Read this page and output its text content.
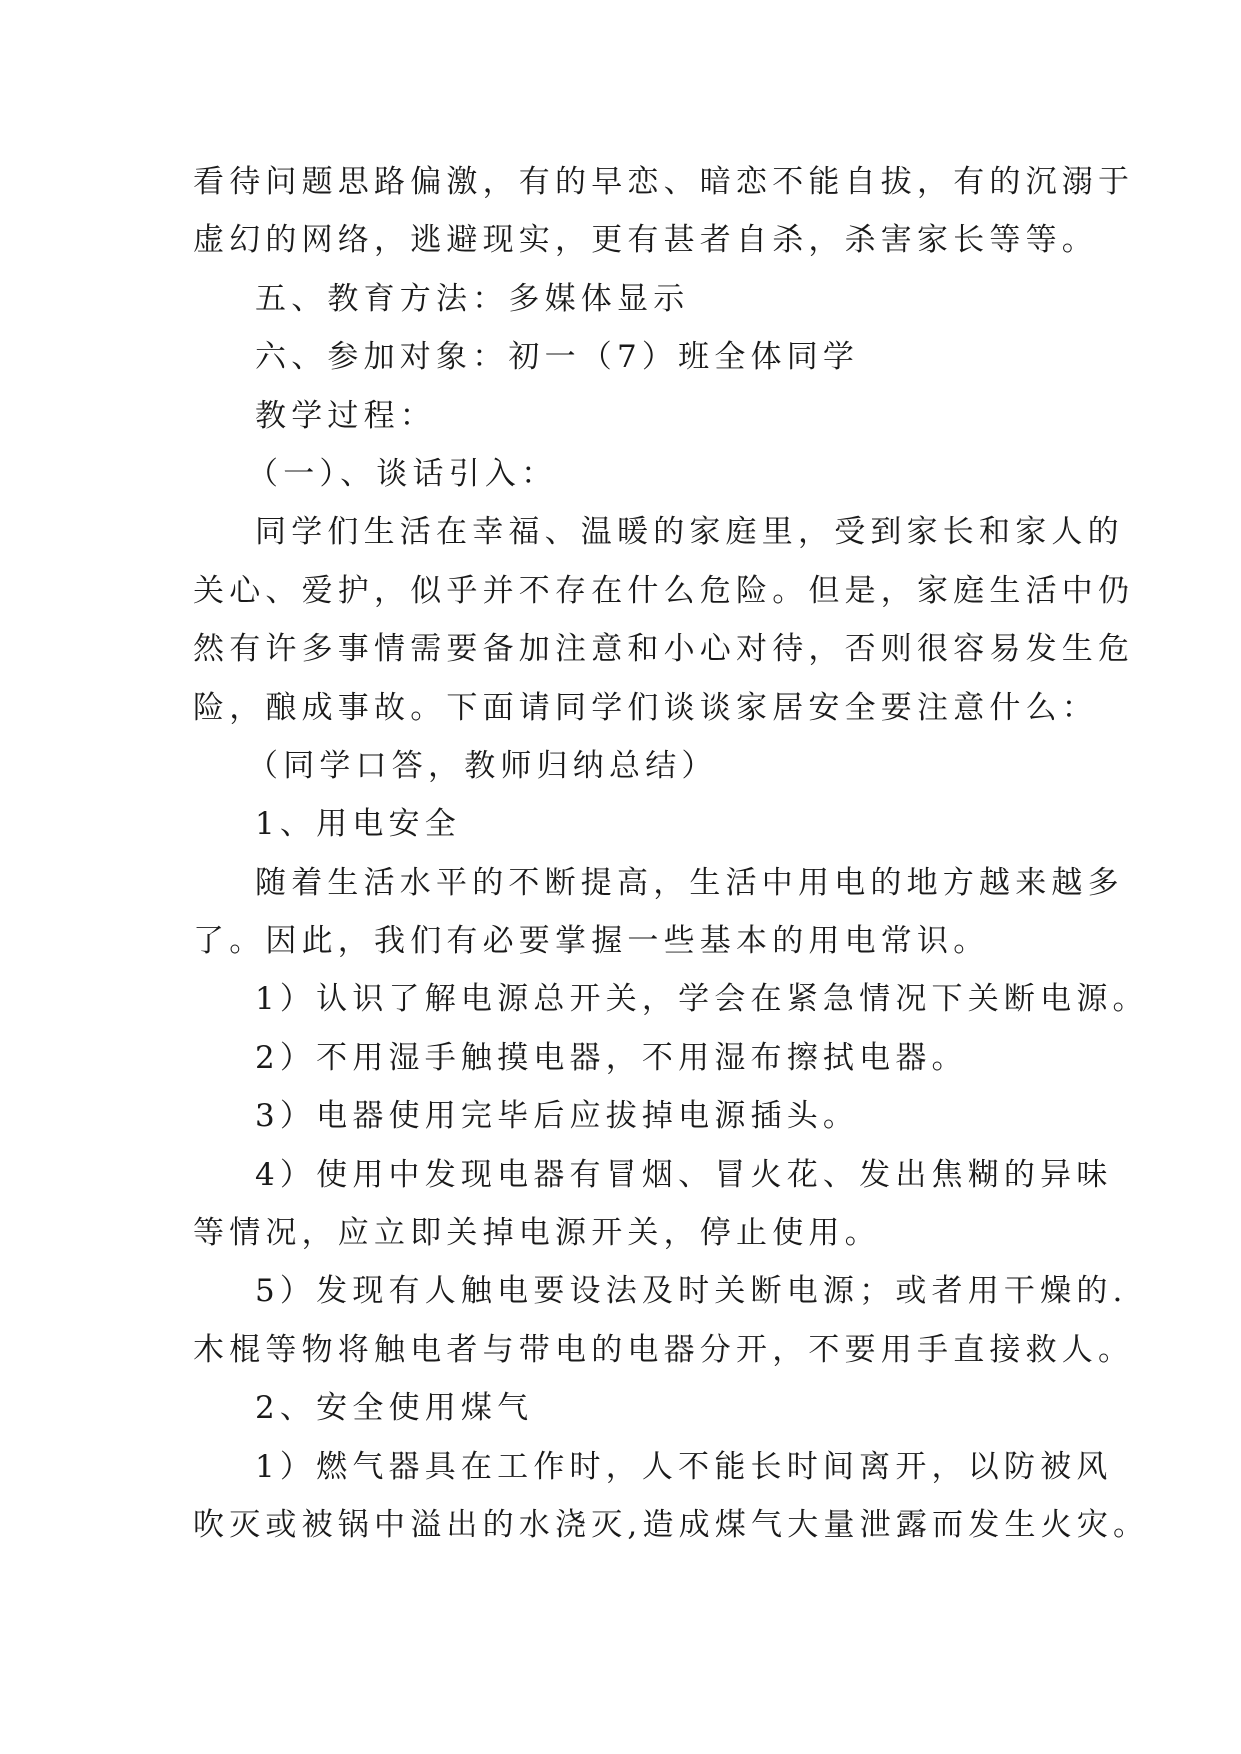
看待问题思路偏激，有的早恋、暗恋不能自拔，有的沉溺于
虚幻的网络，逃避现实，更有甚者自杀，杀害家长等等。
五、教育方法：多媒体显示
六、参加对象：初一（7）班全体同学
教学过程：
（一）、谈话引入：
同学们生活在幸福、温暖的家庭里，受到家长和家人的
关心、爱护，似乎并不存在什么危险。但是，家庭生活中仍
然有许多事情需要备加注意和小心对待，否则很容易发生危
险，酿成事故。下面请同学们谈谈家居安全要注意什么：
（同学口答，教师归纳总结）
1、用电安全
随着生活水平的不断提高，生活中用电的地方越来越多
了。因此，我们有必要掌握一些基本的用电常识。
1）认识了解电源总开关，学会在紧急情况下关断电源。
2）不用湿手触摸电器，不用湿布擦拭电器。
3）电器使用完毕后应拔掉电源插头。
4）使用中发现电器有冒烟、冒火花、发出焦糊的异味
等情况，应立即关掉电源开关，停止使用。
5）发现有人触电要设法及时关断电源；或者用干燥的.
木棍等物将触电者与带电的电器分开，不要用手直接救人。
2、安全使用煤气
1）燃气器具在工作时，人不能长时间离开，以防被风
吹灭或被锅中溢出的水浇灭,造成煤气大量泄露而发生火灾。
